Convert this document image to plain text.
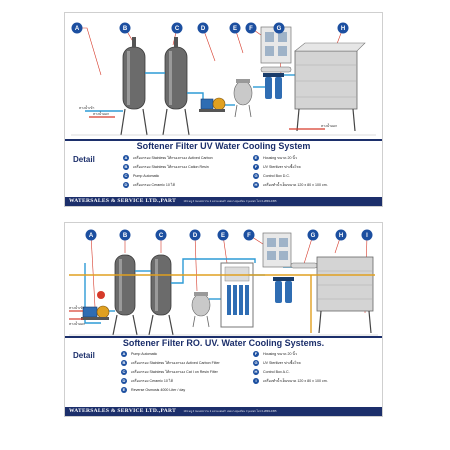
A	B	C	D	E F	G	H
ทางน้ำเข้า
ทางน้ำออก
ทางน้ำออก
Softener Filter UV Water Cooling System
Detail	A	เครื่องกรอง Stainless ไส้กรองกรอง Actived Carbon
B	เครื่องกรอง Stainless ไส้กรองกรอง Cation Resin
C	Pump Automatic
D	เครื่องกรอง Ceramic 10 ไส้
E	Housing ขนาด 20 นิ้ว
F	UV Sterilizer ฆ่าเชื้อโรค
G	Control Box D.C.
H	เครื่องทำน้ำเย็นขนาด 120 x 80 x 100 cm.
WATERSALES & SERVICE LTD.,PART	101 หมู่ 4 ถนนพระราม 2 แขวงแสมดำ เขตบางขุนเทียน กรุงเทพฯ โทร 0-2893-4455
A	B	C	D	E	F	G	H	I
ทางน้ำเข้า
ทางน้ำออก
Softener Filter RO. UV. Water Cooling Systems.
Detail	A	Pump Automatic
B	เครื่องกรอง Stainless ไส้กรองกรอง Actived Carbon Filter
C	เครื่องกรอง Stainless ไส้กรองกรอง Cat I on Resin Filter
D	เครื่องกรอง Ceramic 10 ไส้
E	Reverse Osmosis 4000 Liter / day
F	Housing ขนาด 20 นิ้ว
G	UV Sterilizer ฆ่าเชื้อโรค
H	Control Box A.C.
I	เครื่องทำน้ำเย็นขนาด 120 x 80 x 100 cm.
WATERSALES & SERVICE LTD.,PART	101 หมู่ 4 ถนนพระราม 2 แขวงแสมดำ เขตบางขุนเทียน กรุงเทพฯ โทร 0-2893-4455
